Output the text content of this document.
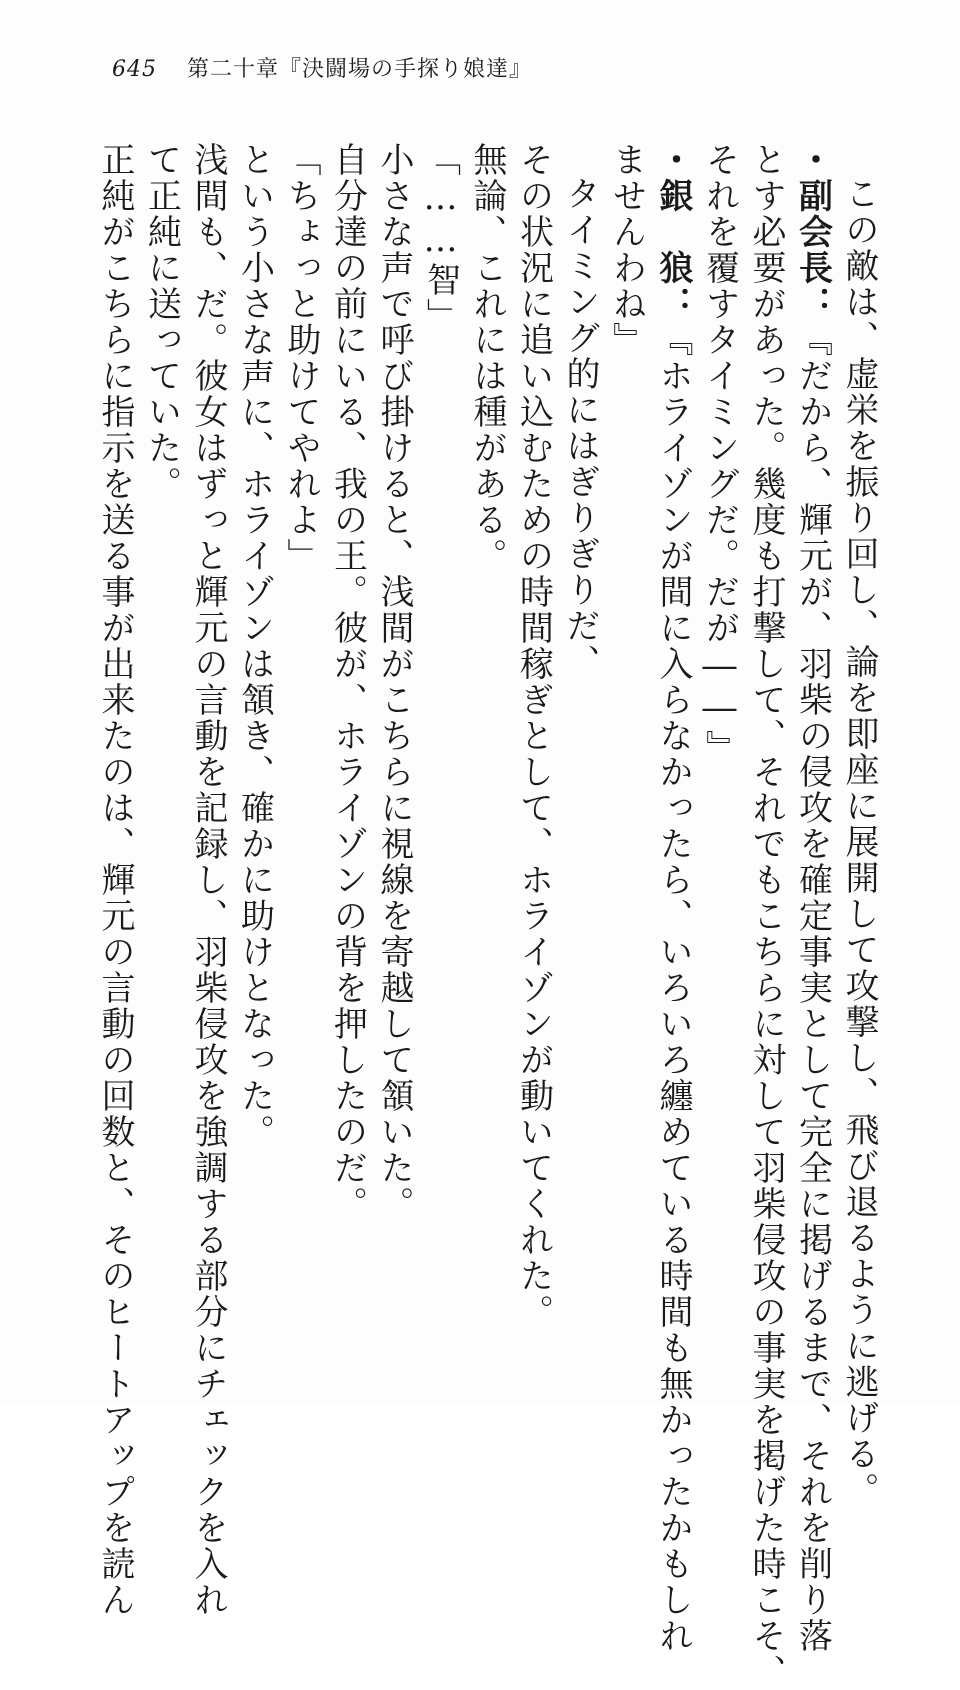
645 第二十章『決闘場の手探り娘達』
この敵は、虚栄を振り回し、論を即座に展開して攻撃し、飛び退るように逃げる。
・副会長：『だから、輝元が、羽柴の侵攻を確定事実として完全に掲げるまで、それを削り落
とす必要があった。幾度も打撃して、それでもこちらに対して羽柴侵攻の事実を掲げた時こそ、
それを覆すタイミングだ。だが――』
・銀　狼：『ホライゾンが間に入らなかったら、いろいろ纏めている時間も無かったかもしれ
ませんわね』
タイミング的にはぎりぎりだ、
その状況に追い込むための時間稼ぎとして、ホライゾンが動いてくれた。
無論、これには種がある。
「……智」
小さな声で呼び掛けると、浅間がこちらに視線を寄越して頷いた。
自分達の前にいる、我の王。彼が、ホライゾンの背を押したのだ。
「ちょっと助けてやれよ」
という小さな声に、ホライゾンは頷き、確かに助けとなった。
浅間も、だ。彼女はずっと輝元の言動を記録し、羽柴侵攻を強調する部分にチェックを入れ
て正純に送っていた。
正純がこちらに指示を送る事が出来たのは、輝元の言動の回数と、そのヒートアップを読ん
